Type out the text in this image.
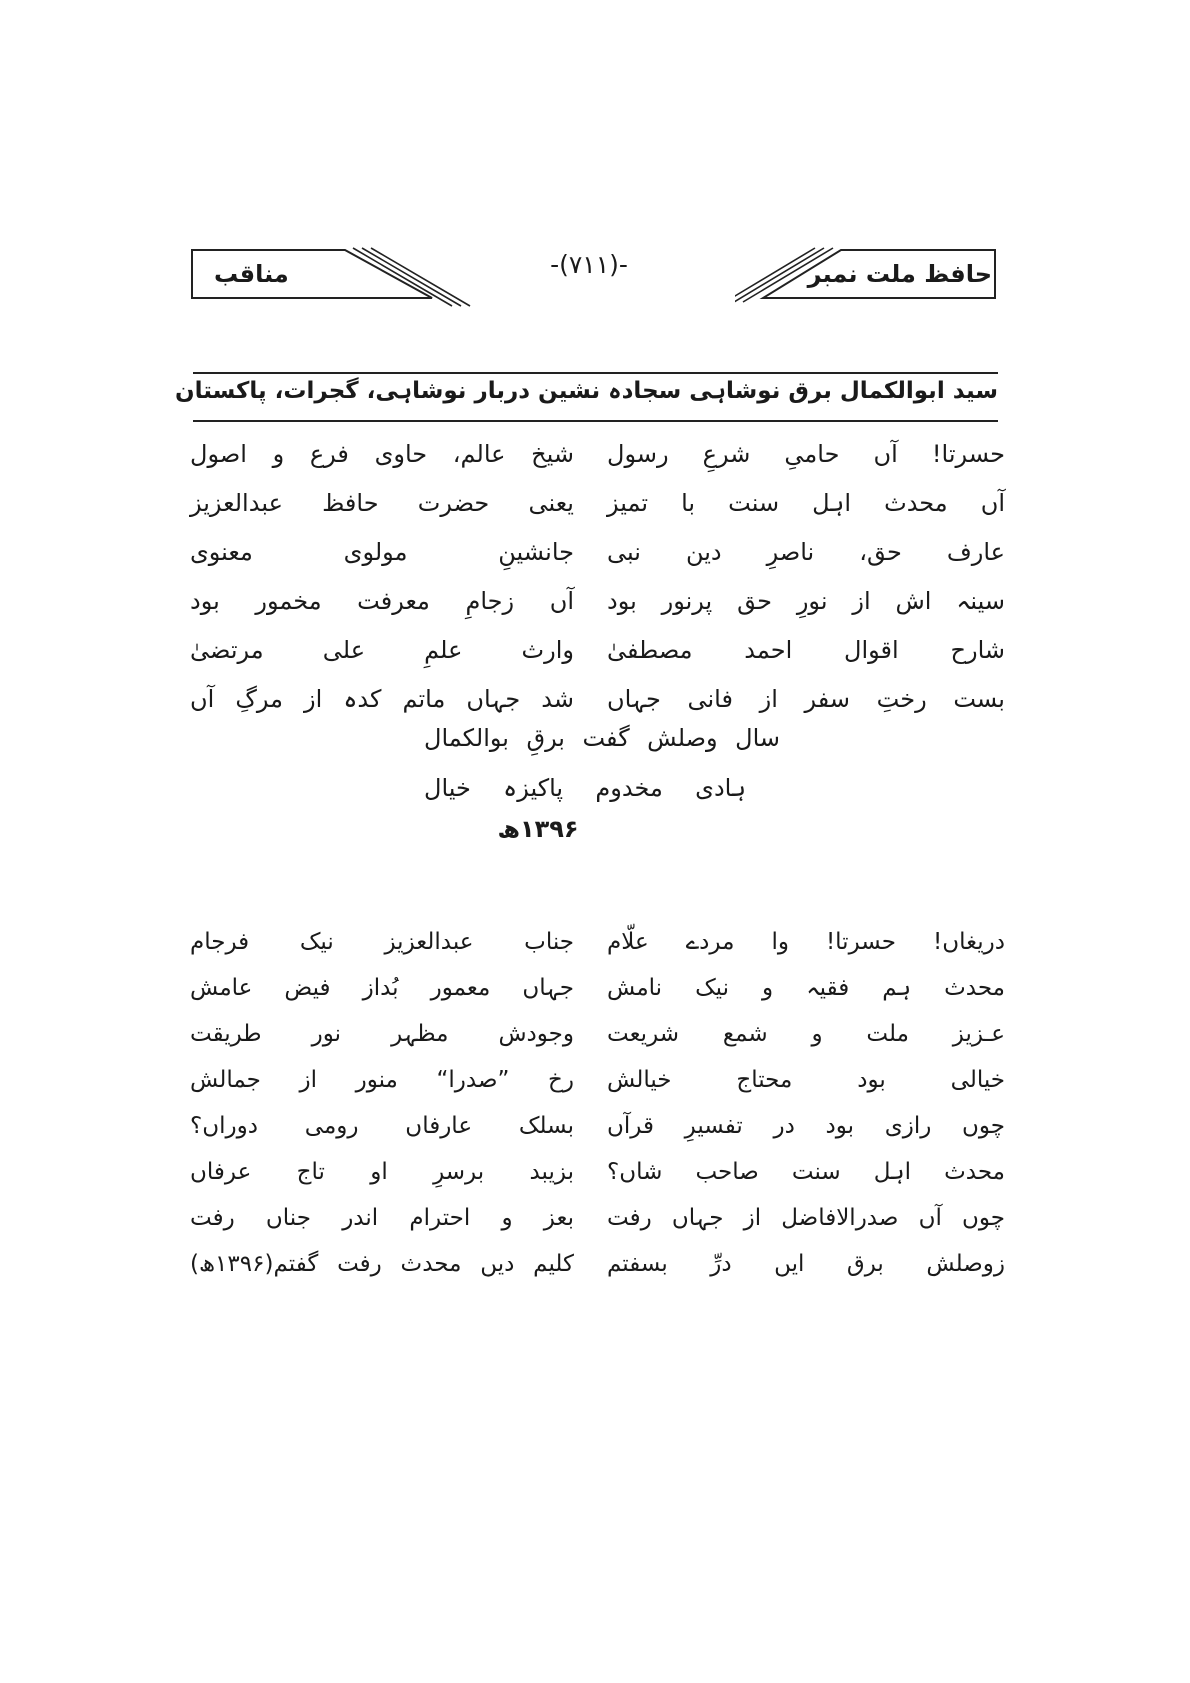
مناقب	-(۷۱۱)-	حافظ ملت نمبر
سید ابوالکمال برق نوشاہی سجادہ نشین دربار نوشاہی، گجرات، پاکستان
حسرتا! آں حامیِ شرعِ رسول
شیخ عالم، حاوی فرع و اصول
آں محدث اہل سنت با تمیز
یعنی حضرت حافظ عبدالعزیز
عارف حق، ناصرِ دین نبی
جانشینِ مولوی معنوی
سینہ اش از نورِ حق پرنور بود
آں زجامِ معرفت مخمور بود
شارح اقوال احمد مصطفیٰ
وارث علمِ علی مرتضیٰ
بست رختِ سفر از فانی جہاں
شد جہاں ماتم کدہ از مرگِ آں
سال وصلش گفت برقِ بوالکمال
ہادی مخدوم پاکیزہ خیال
۱۳۹۶ھ
دریغاں! حسرتا! وا مردے علّام
جناب عبدالعزیز نیک فرجام
محدث ہم فقیہ و نیک نامش
جہاں معمور بُداز فیض عامش
عـزیز ملت و شمع شریعت
وجودش مظہر نور طریقت
خیالی بود محتاج خیالش
رخ ”صدرا“ منور از جمالش
چوں رازی بود در تفسیرِ قرآں
بسلک عارفاں رومی دوراں؟
محدث اہل سنت صاحب شاں؟
بزیبد برسرِ او تاج عرفاں
چوں آں صدرالافاضل از جہاں رفت
بعز و احترام اندر جناں رفت
زوصلش برق ایں درِّ بسفتم
کلیم دیں محدث رفت گفتم(۱۳۹۶ھ)
